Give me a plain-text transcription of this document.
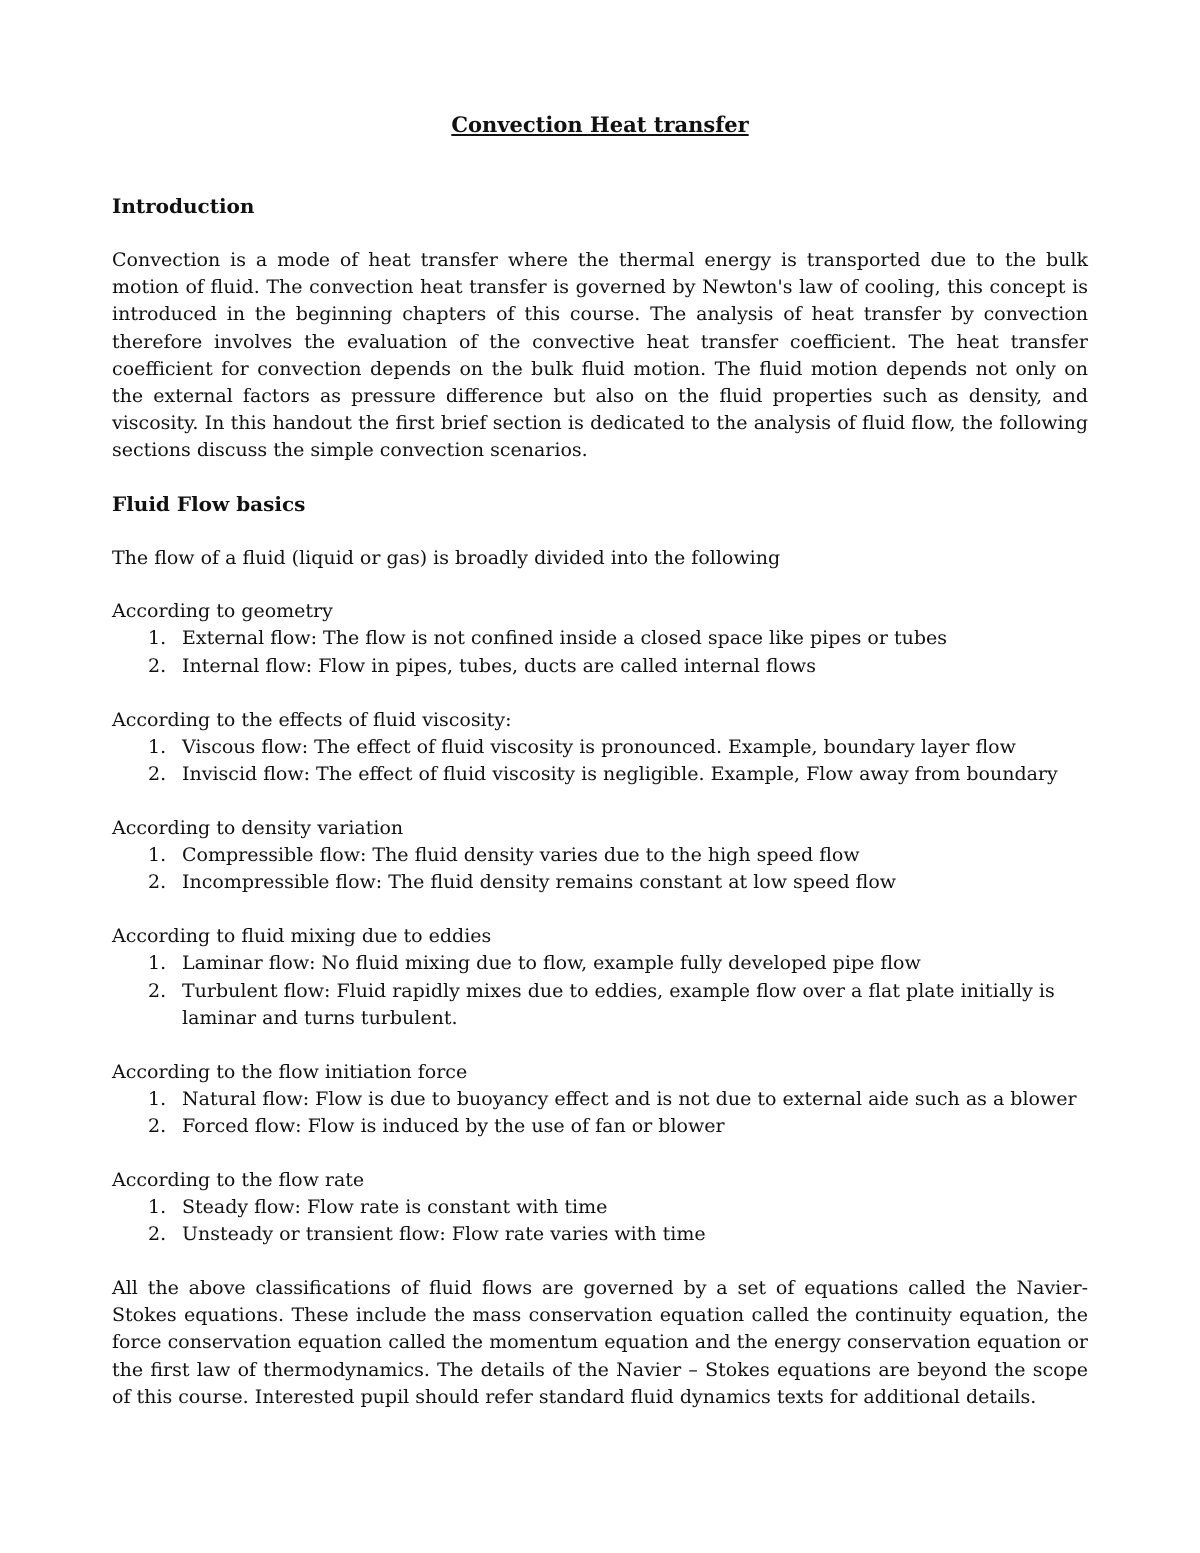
Convection Heat transfer
Introduction

Convection is a mode of heat transfer where the thermal energy is transported due to the bulk motion of fluid. The convection heat transfer is governed by Newton's law of cooling, this concept is introduced in the beginning chapters of this course. The analysis of heat transfer by convection therefore involves the evaluation of the convective heat transfer coefficient. The heat transfer coefficient for convection depends on the bulk fluid motion. The fluid motion depends not only on the external factors as pressure difference but also on the fluid properties such as density, and viscosity. In this handout the first brief section is dedicated to the analysis of fluid flow, the following sections discuss the simple convection scenarios.

Fluid Flow basics
The flow of a fluid (liquid or gas) is broadly divided into the following
According to geometry
1. External flow: The flow is not confined inside a closed space like pipes or tubes
2. Internal flow: Flow in pipes, tubes, ducts are called internal flows
According to the effects of fluid viscosity:
1. Viscous flow: The effect of fluid viscosity is pronounced. Example, boundary layer flow
2. Inviscid flow: The effect of fluid viscosity is negligible. Example, Flow away from boundary
According to density variation
1. Compressible flow: The fluid density varies due to the high speed flow
2. Incompressible flow: The fluid density remains constant at low speed flow
According to fluid mixing due to eddies
1. Laminar flow: No fluid mixing due to flow, example fully developed pipe flow
2. Turbulent flow: Fluid rapidly mixes due to eddies, example flow over a flat plate initially is laminar and turns turbulent.
According to the flow initiation force
1. Natural flow: Flow is due to buoyancy effect and is not due to external aide such as a blower
2. Forced flow: Flow is induced by the use of fan or blower
According to the flow rate
1. Steady flow: Flow rate is constant with time
2. Unsteady or transient flow: Flow rate varies with time

All the above classifications of fluid flows are governed by a set of equations called the Navier-Stokes equations. These include the mass conservation equation called the continuity equation, the force conservation equation called the momentum equation and the energy conservation equation or the first law of thermodynamics. The details of the Navier – Stokes equations are beyond the scope of this course. Interested pupil should refer standard fluid dynamics texts for additional details.
